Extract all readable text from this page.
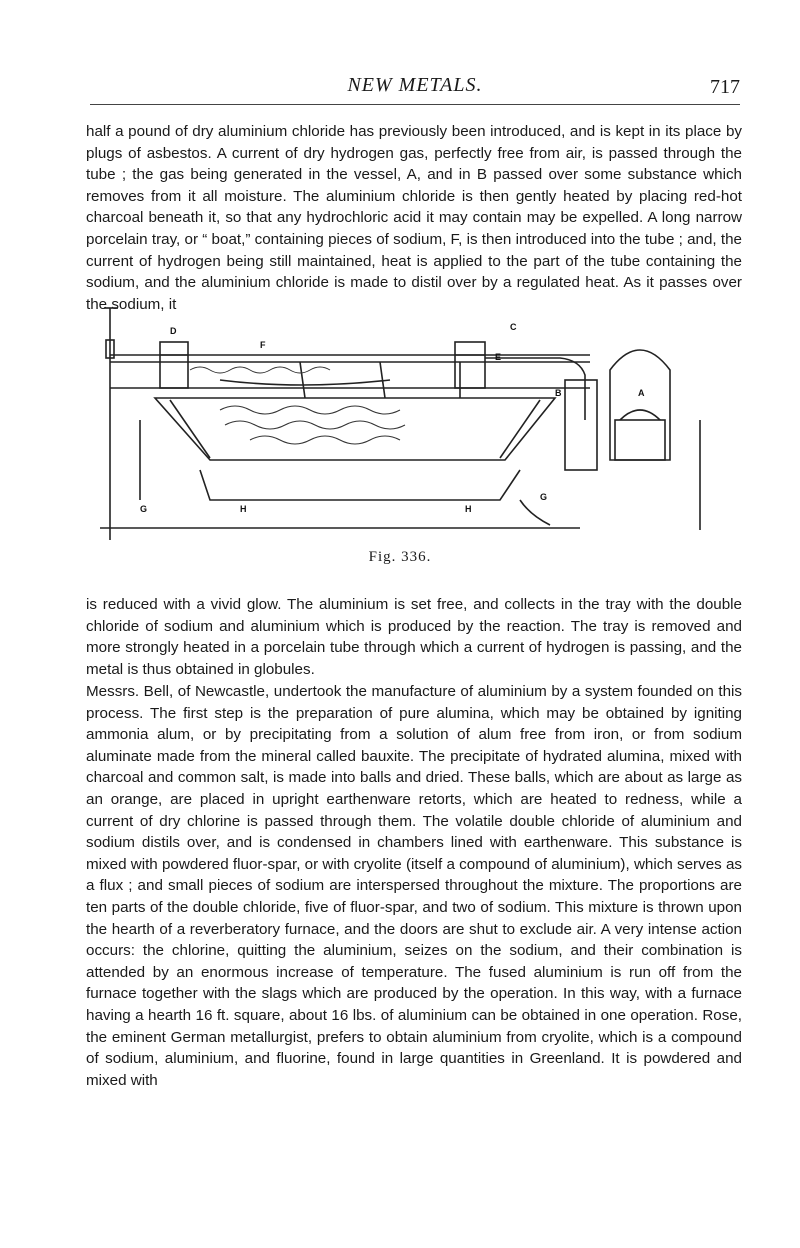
NEW METALS.	717

half a pound of dry aluminium chloride has previously been introduced, and is kept in its place by plugs of asbestos. A current of dry hydrogen gas, perfectly free from air, is passed through the tube ; the gas being generated in the vessel, A, and in B passed over some substance which removes from it all moisture. The aluminium chloride is then gently heated by placing red-hot charcoal beneath it, so that any hydrochloric acid it may contain may be expelled. A long narrow porcelain tray, or “ boat,” containing pieces of sodium, F, is then introduced into the tube ; and, the current of hydrogen being still maintained, heat is applied to the part of the tube containing the sodium, and the aluminium chloride is made to distil over by a regulated heat. As it passes over the sodium, it

D
G
F
E
B	A
H	H
G
C
Fig. 336.

is reduced with a vivid glow. The aluminium is set free, and collects in the tray with the double chloride of sodium and aluminium which is produced by the reaction. The tray is removed and more strongly heated in a porcelain tube through which a current of hydrogen is passing, and the metal is thus obtained in globules.

Messrs. Bell, of Newcastle, undertook the manufacture of aluminium by a system founded on this process. The first step is the preparation of pure alumina, which may be obtained by igniting ammonia alum, or by precipitating from a solution of alum free from iron, or from sodium aluminate made from the mineral called bauxite. The precipitate of hydrated alumina, mixed with charcoal and common salt, is made into balls and dried. These balls, which are about as large as an orange, are placed in upright earthenware retorts, which are heated to redness, while a current of dry chlorine is passed through them. The volatile double chloride of aluminium and sodium distils over, and is condensed in chambers lined with earthenware. This substance is mixed with powdered fluor-spar, or with cryolite (itself a compound of aluminium), which serves as a flux ; and small pieces of sodium are interspersed throughout the mixture. The proportions are ten parts of the double chloride, five of fluor-spar, and two of sodium. This mixture is thrown upon the hearth of a reverberatory furnace, and the doors are shut to exclude air. A very intense action occurs: the chlorine, quitting the aluminium, seizes on the sodium, and their combination is attended by an enormous increase of temperature. The fused aluminium is run off from the furnace together with the slags which are produced by the operation. In this way, with a furnace having a hearth 16 ft. square, about 16 lbs. of aluminium can be obtained in one operation. Rose, the eminent German metallurgist, prefers to obtain aluminium from cryolite, which is a compound of sodium, aluminium, and fluorine, found in large quantities in Greenland. It is powdered and mixed with
